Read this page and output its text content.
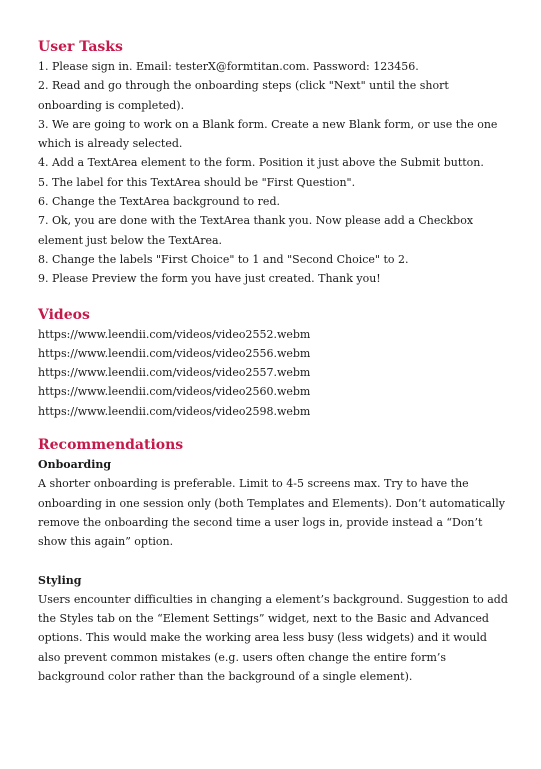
User Tasks
1. Please sign in. Email: testerX@formtitan.com. Password: 123456.
2. Read and go through the onboarding steps (click "Next" until the short onboarding is completed).
3. We are going to work on a Blank form. Create a new Blank form, or use the one which is already selected.
4. Add a TextArea element to the form. Position it just above the Submit button.
5. The label for this TextArea should be "First Question".
6. Change the TextArea background to red.
7. Ok, you are done with the TextArea thank you. Now please add a Checkbox element just below the TextArea.
8. Change the labels "First Choice" to 1 and "Second Choice" to 2.
9. Please Preview the form you have just created. Thank you!
Videos

https://www.leendii.com/videos/video2552.webm

https://www.leendii.com/videos/video2556.webm

https://www.leendii.com/videos/video2557.webm

https://www.leendii.com/videos/video2560.webm

https://www.leendii.com/videos/video2598.webm

Recommendations
Onboarding

A shorter onboarding is preferable. Limit to 4-5 screens max. Try to have the onboarding in one session only (both Templates and Elements). Don’t automatically remove the onboarding the second time a user logs in, provide instead a “Don’t show this again” option.

Styling

Users encounter difficulties in changing a element’s background. Suggestion to add the Styles tab on the “Element Settings” widget, next to the Basic and Advanced options. This would make the working area less busy (less widgets) and it would also prevent common mistakes (e.g. users often change the entire form’s background color rather than the background of a single element).
